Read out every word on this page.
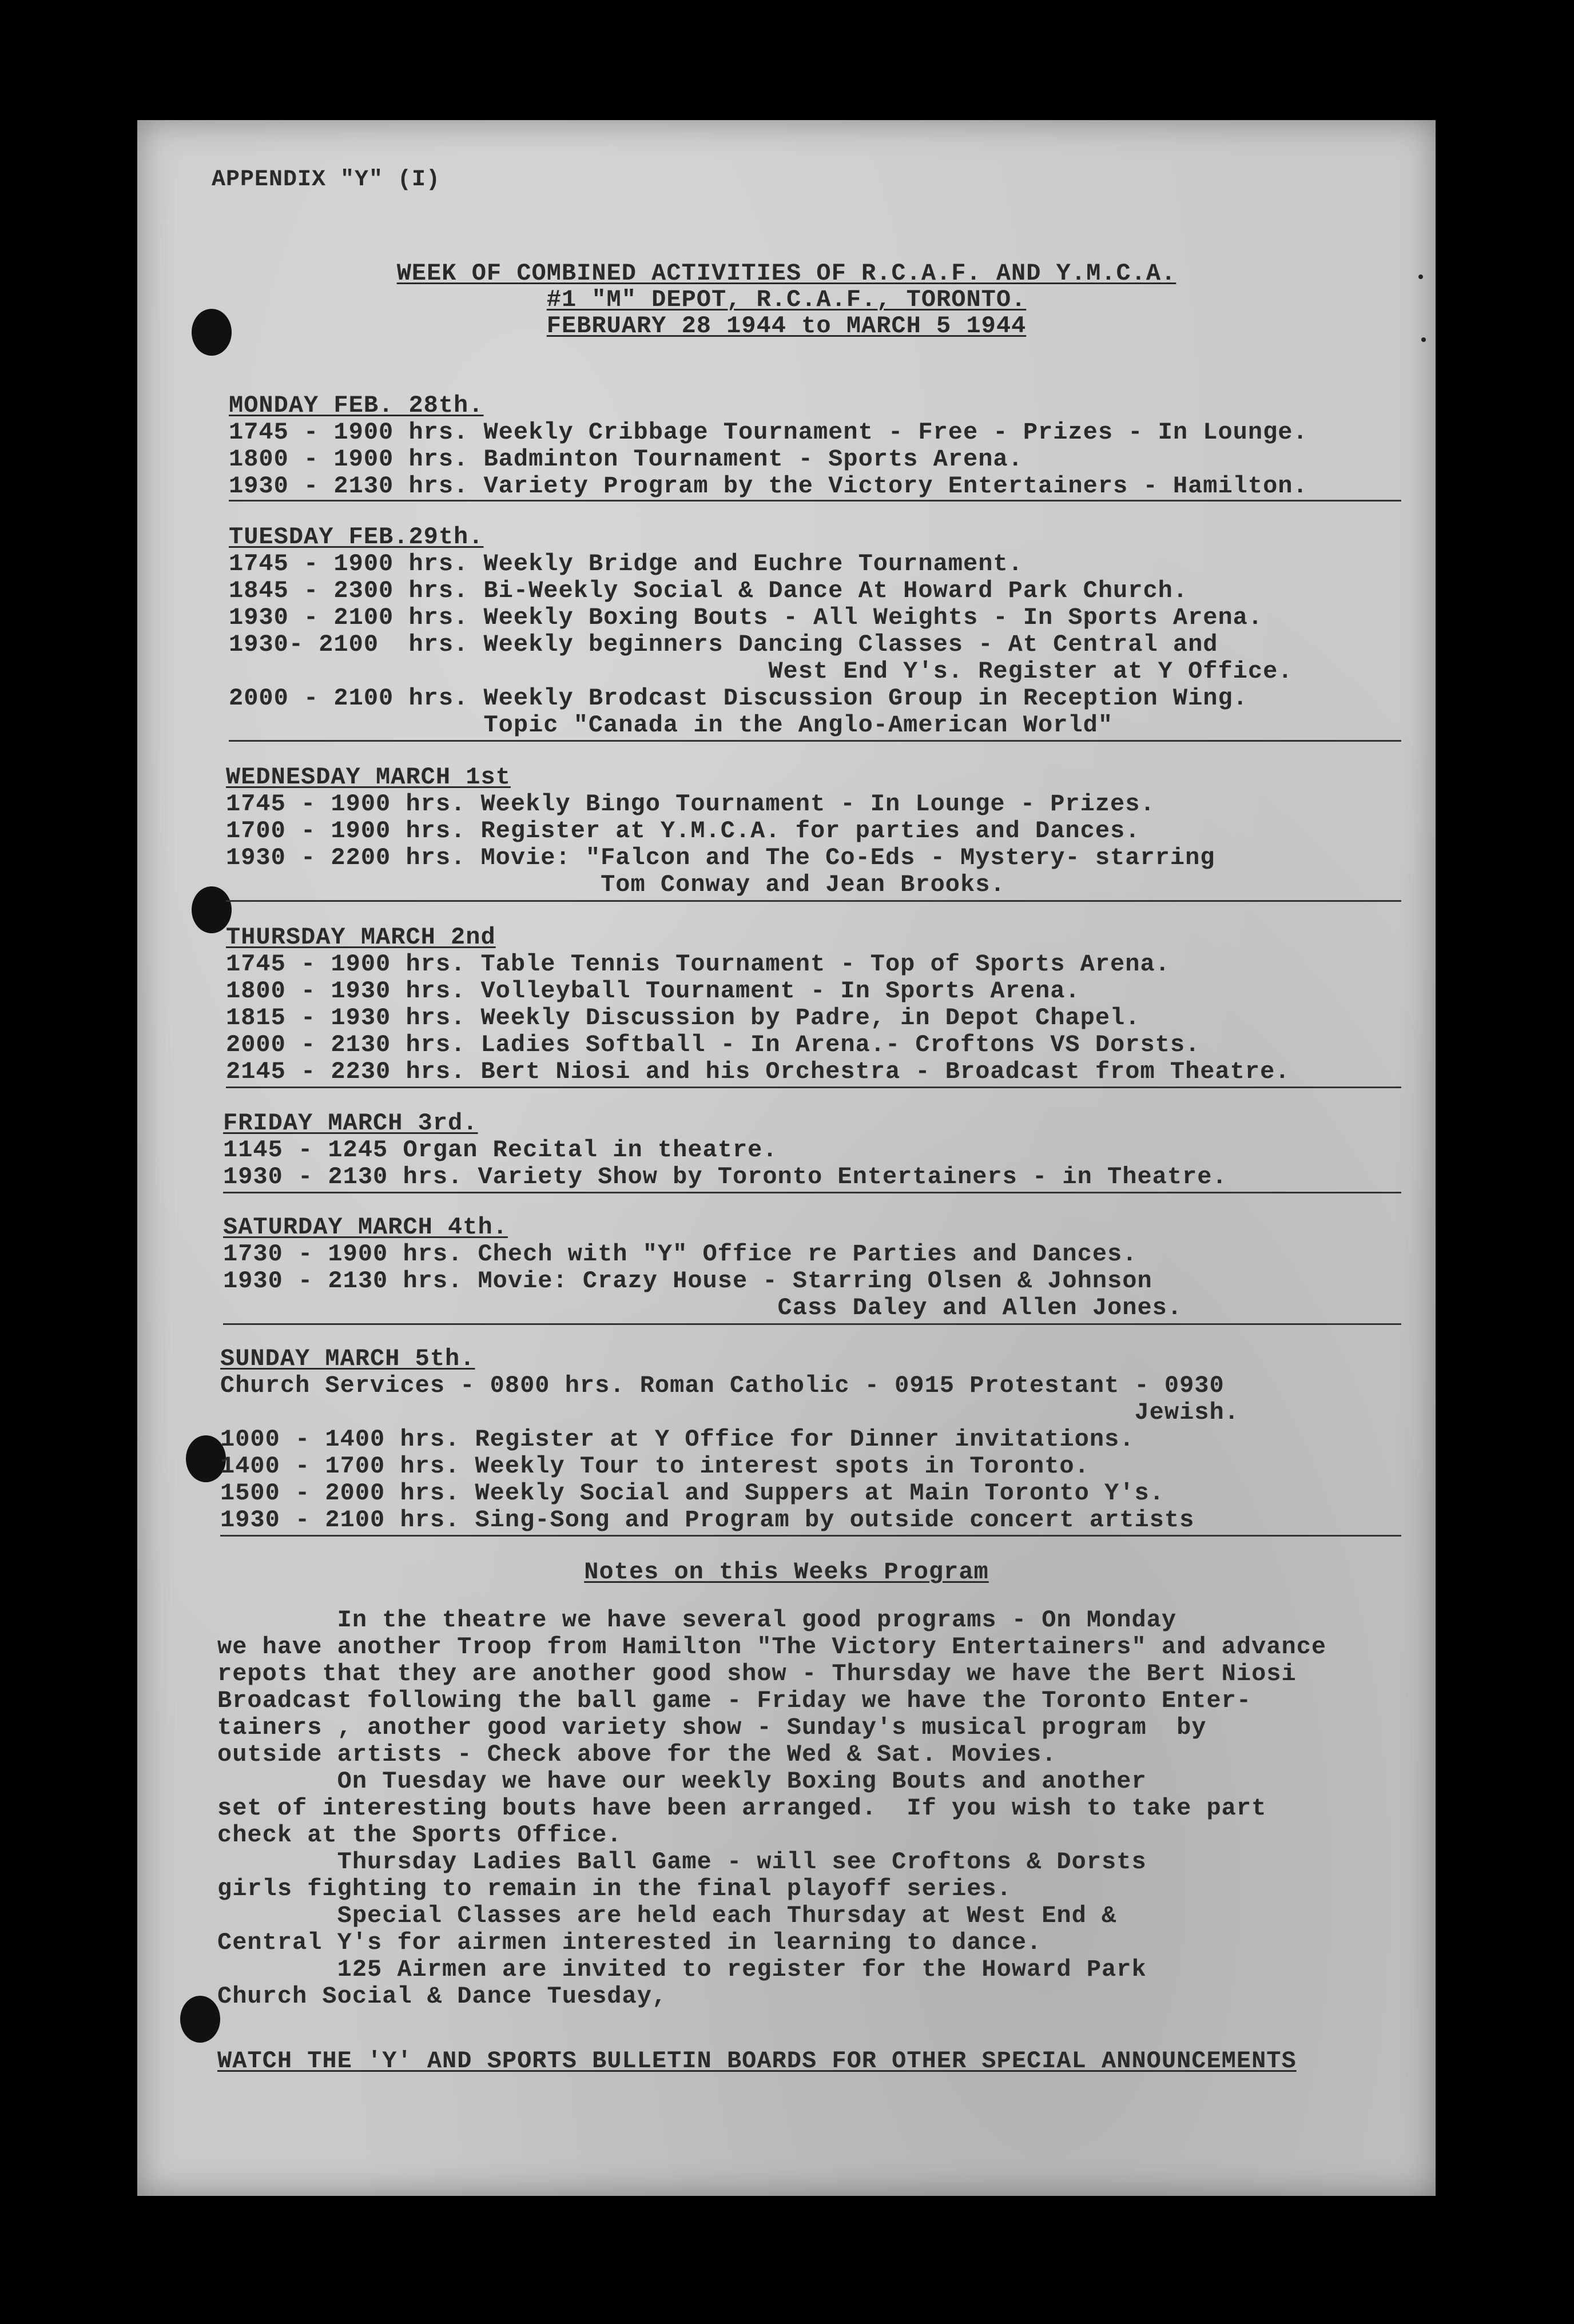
APPENDIX "Y" (I)
WEEK OF COMBINED ACTIVITIES OF R.C.A.F. AND Y.M.C.A.
#1 "M" DEPOT, R.C.A.F., TORONTO.
FEBRUARY 28 1944 to MARCH 5 1944
MONDAY FEB. 28th.
1745 - 1900 hrs. Weekly Cribbage Tournament - Free - Prizes - In Lounge.
1800 - 1900 hrs. Badminton Tournament - Sports Arena.
1930 - 2130 hrs. Variety Program by the Victory Entertainers - Hamilton.
TUESDAY FEB.29th.
1745 - 1900 hrs. Weekly Bridge and Euchre Tournament.
1845 - 2300 hrs. Bi-Weekly Social & Dance At Howard Park Church.
1930 - 2100 hrs. Weekly Boxing Bouts - All Weights - In Sports Arena.
1930- 2100  hrs. Weekly beginners Dancing Classes - At Central and
West End Y's. Register at Y Office.
2000 - 2100 hrs. Weekly Brodcast Discussion Group in Reception Wing.
Topic "Canada in the Anglo-American World"
WEDNESDAY MARCH 1st
1745 - 1900 hrs. Weekly Bingo Tournament - In Lounge - Prizes.
1700 - 1900 hrs. Register at Y.M.C.A. for parties and Dances.
1930 - 2200 hrs. Movie: "Falcon and The Co-Eds - Mystery- starring
Tom Conway and Jean Brooks.
THURSDAY MARCH 2nd
1745 - 1900 hrs. Table Tennis Tournament - Top of Sports Arena.
1800 - 1930 hrs. Volleyball Tournament - In Sports Arena.
1815 - 1930 hrs. Weekly Discussion by Padre, in Depot Chapel.
2000 - 2130 hrs. Ladies Softball - In Arena.- Croftons VS Dorsts.
2145 - 2230 hrs. Bert Niosi and his Orchestra - Broadcast from Theatre.
FRIDAY MARCH 3rd.
1145 - 1245 Organ Recital in theatre.
1930 - 2130 hrs. Variety Show by Toronto Entertainers - in Theatre.
SATURDAY MARCH 4th.
1730 - 1900 hrs. Chech with "Y" Office re Parties and Dances.
1930 - 2130 hrs. Movie: Crazy House - Starring Olsen & Johnson
Cass Daley and Allen Jones.
SUNDAY MARCH 5th.
Church Services - 0800 hrs. Roman Catholic - 0915 Protestant - 0930
Jewish.
1000 - 1400 hrs. Register at Y Office for Dinner invitations.
1400 - 1700 hrs. Weekly Tour to interest spots in Toronto.
1500 - 2000 hrs. Weekly Social and Suppers at Main Toronto Y's.
1930 - 2100 hrs. Sing-Song and Program by outside concert artists
Notes on this Weeks Program
In the theatre we have several good programs - On Monday
we have another Troop from Hamilton "The Victory Entertainers" and advance
repots that they are another good show - Thursday we have the Bert Niosi
Broadcast following the ball game - Friday we have the Toronto Enter-
tainers , another good variety show - Sunday's musical program  by
outside artists - Check above for the Wed & Sat. Movies.
On Tuesday we have our weekly Boxing Bouts and another
set of interesting bouts have been arranged.  If you wish to take part
check at the Sports Office.
Thursday Ladies Ball Game - will see Croftons & Dorsts
girls fighting to remain in the final playoff series.
Special Classes are held each Thursday at West End &
Central Y's for airmen interested in learning to dance.
125 Airmen are invited to register for the Howard Park
Church Social & Dance Tuesday,
WATCH THE 'Y' AND SPORTS BULLETIN BOARDS FOR OTHER SPECIAL ANNOUNCEMENTS
